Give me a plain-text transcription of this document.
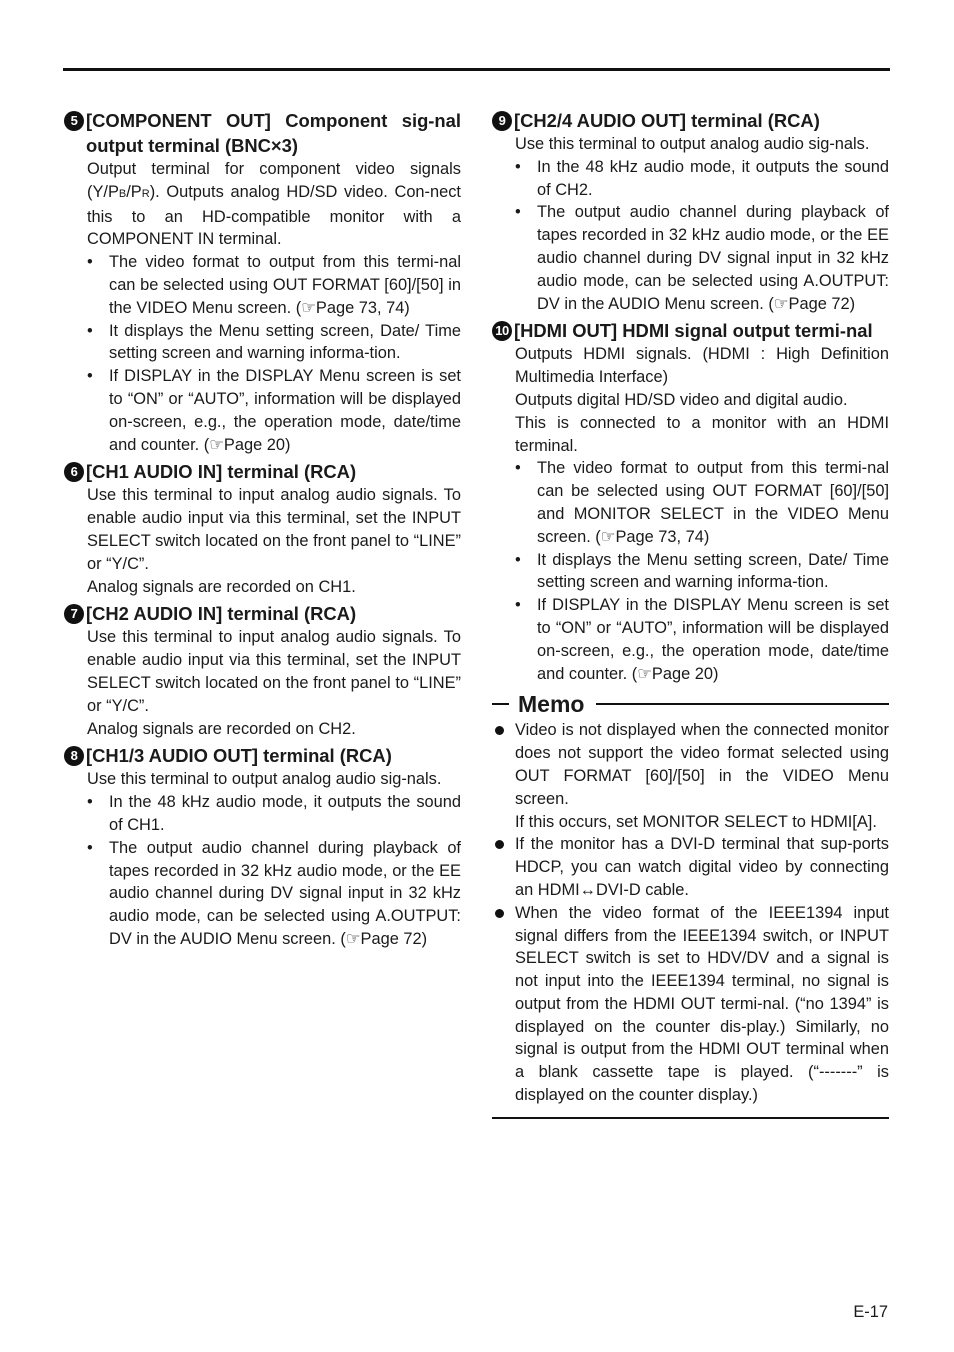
5 [COMPONENT OUT] Component sig-nal output terminal (BNC×3)
Output terminal for component video signals (Y/PB/PR). Outputs analog HD/SD video. Con-nect this to an HD-compatible monitor with a COMPONENT IN terminal.
• The video format to output from this termi-nal can be selected using OUT FORMAT [60]/[50] in the VIDEO Menu screen. (☞Page 73, 74)
• It displays the Menu setting screen, Date/ Time setting screen and warning informa-tion.
• If DISPLAY in the DISPLAY Menu screen is set to “ON” or “AUTO”, information will be displayed on-screen, e.g., the operation mode, date/time and counter. (☞Page 20)
6 [CH1 AUDIO IN] terminal (RCA)
Use this terminal to input analog audio signals. To enable audio input via this terminal, set the INPUT SELECT switch located on the front panel to “LINE” or “Y/C”.
Analog signals are recorded on CH1.
7 [CH2 AUDIO IN] terminal (RCA)
Use this terminal to input analog audio signals. To enable audio input via this terminal, set the INPUT SELECT switch located on the front panel to “LINE” or “Y/C”.
Analog signals are recorded on CH2.
8 [CH1/3 AUDIO OUT] terminal (RCA)
Use this terminal to output analog audio sig-nals.
• In the 48 kHz audio mode, it outputs the sound of CH1.
• The output audio channel during playback of tapes recorded in 32 kHz audio mode, or the EE audio channel during DV signal input in 32 kHz audio mode, can be selected using A.OUTPUT: DV in the AUDIO Menu screen. (☞Page 72)
9 [CH2/4 AUDIO OUT] terminal (RCA)
Use this terminal to output analog audio sig-nals.
• In the 48 kHz audio mode, it outputs the sound of CH2.
• The output audio channel during playback of tapes recorded in 32 kHz audio mode, or the EE audio channel during DV signal input in 32 kHz audio mode, can be selected using A.OUTPUT: DV in the AUDIO Menu screen. (☞Page 72)
10 [HDMI OUT] HDMI signal output termi-nal
Outputs HDMI signals. (HDMI : High Definition Multimedia Interface)
Outputs digital HD/SD video and digital audio.
This is connected to a monitor with an HDMI terminal.
• The video format to output from this termi-nal can be selected using OUT FORMAT [60]/[50] and MONITOR SELECT in the VIDEO Menu screen. (☞Page 73, 74)
• It displays the Menu setting screen, Date/ Time setting screen and warning informa-tion.
• If DISPLAY in the DISPLAY Menu screen is set to “ON” or “AUTO”, information will be displayed on-screen, e.g., the operation mode, date/time and counter. (☞Page 20)
Memo
Video is not displayed when the connected monitor does not support the video format selected using OUT FORMAT [60]/[50] in the VIDEO Menu screen.
If this occurs, set MONITOR SELECT to HDMI[A].
If the monitor has a DVI-D terminal that sup-ports HDCP, you can watch digital video by connecting an HDMI↔DVI-D cable.
When the video format of the IEEE1394 input signal differs from the IEEE1394 switch, or INPUT SELECT switch is set to HDV/DV and a signal is not input into the IEEE1394 terminal, no signal is output from the HDMI OUT termi-nal. (“no 1394” is displayed on the counter dis-play.) Similarly, no signal is output from the HDMI OUT terminal when a blank cassette tape is played. (“-------” is displayed on the counter display.)
E-17
